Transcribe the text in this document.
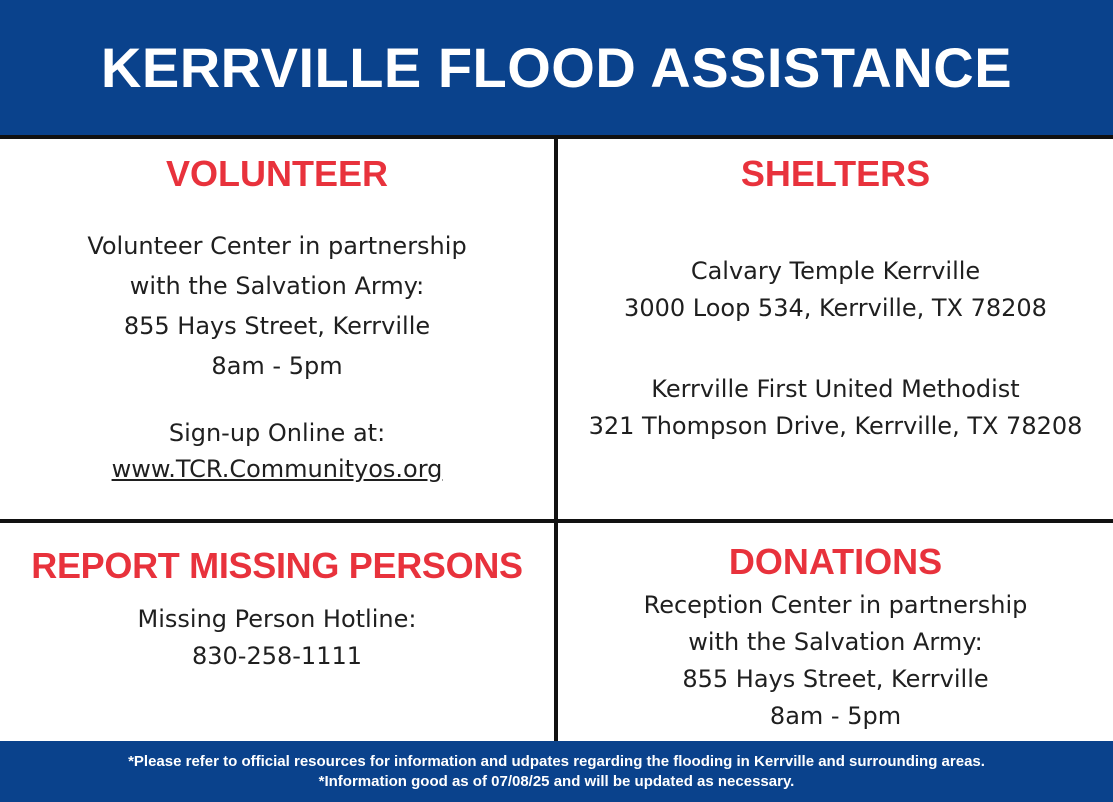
KERRVILLE FLOOD ASSISTANCE
VOLUNTEER

Volunteer Center in partnership

with the Salvation Army:

855 Hays Street, Kerrville

8am - 5pm

Sign-up Online at:

www.TCR.Communityos.org

SHELTERS

Calvary Temple Kerrville

3000 Loop 534, Kerrville, TX 78208

Kerrville First United Methodist

321 Thompson Drive, Kerrville, TX 78208

REPORT MISSING PERSONS

Missing Person Hotline:

830-258-1111

DONATIONS

Reception Center in partnership

with the Salvation Army:

855 Hays Street, Kerrville

8am - 5pm

*Please refer to official resources for information and udpates regarding the flooding in Kerrville and surrounding areas.
*Information good as of 07/08/25 and will be updated as necessary.
